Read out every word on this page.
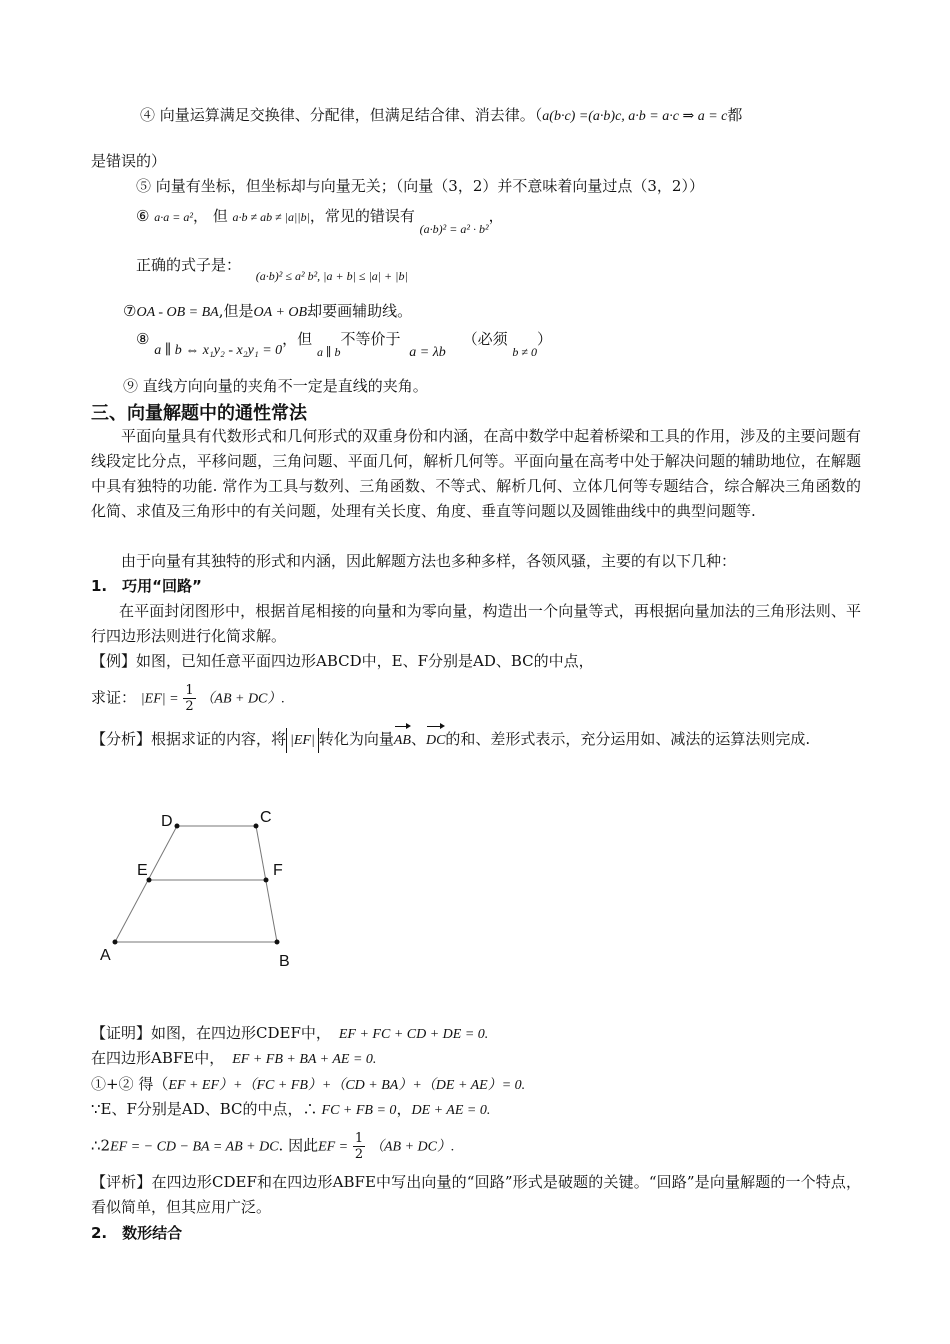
④ 向量运算满足交换律、分配律，但满足结合律、消去律。（a(b·c) =(a·b)c, a·b = a·c ⇒ a = c都
是错误的）
⑤ 向量有坐标，但坐标却与向量无关；（向量（3，2）并不意味着向量过点（3，2））
⑥ a·a = a²， 但 a·b ≠ ab ≠ |a||b|，常见的错误有 $_{(a\cdot b)^2 = a^2 \cdot b^2}$，
正确的式子是： $_{(a\cdot b)^2 \le a^2 b^2, |a + b| \le |a| + |b|}$
⑦OA - OB = BA,但是OA + OB却要画辅助线。
⑧ a ∥ b ⇔ x₁y₂ - x₂y₁ = 0，但 $_{a \parallel b}$不等价于 a = λb （必须 $_{b \ne 0}$）
⑨ 直线方向向量的夹角不一定是直线的夹角。
三、向量解题中的通性常法
平面向量具有代数形式和几何形式的双重身份和内涵，在高中数学中起着桥梁和工具的作用，涉及的主要问题有线段定比分点，平移问题，三角问题、平面几何，解析几何等。平面向量在高考中处于解决问题的辅助地位，在解题中具有独特的功能. 常作为工具与数列、三角函数、不等式、解析几何、立体几何等专题结合，综合解决三角函数的化简、求值及三角形中的有关问题，处理有关长度、角度、垂直等问题以及圆锥曲线中的典型问题等.
由于向量有其独特的形式和内涵，因此解题方法也多种多样，各领风骚，主要的有以下几种：
1.　巧用“回路”
在平面封闭图形中，根据首尾相接的向量和为零向量，构造出一个向量等式，再根据向量加法的三角形法则、平行四边形法则进行化简求解。
【例】如图，已知任意平面四边形ABCD中，E、F分别是AD、BC的中点，
求证： $|EF| = \frac{1}{2} (AB + DC)$.
【分析】根据求证的内容，将 |EF| 转化为向量AB、DC的和、差形式表示，充分运用如、减法的运算法则完成.
D	C
E	F
A	B
【证明】如图，在四边形CDEF中， EF + FC + CD + DE = 0.
在四边形ABFE中， EF + FB + BA + AE = 0.
①+② 得（EF + EF）+（FC + FB）+（CD + BA）+（DE + AE）= 0.
∵E、F分别是AD、BC的中点，∴ FC + FB = 0，DE + AE = 0.
∴2EF = − CD − BA = AB + DC. 因此EF = $\frac{1}{2} (AB + DC)$.
【评析】在四边形CDEF和在四边形ABFE中写出向量的“回路”形式是破题的关键。“回路”是向量解题的一个特点，看似简单，但其应用广泛。
2.　数形结合
